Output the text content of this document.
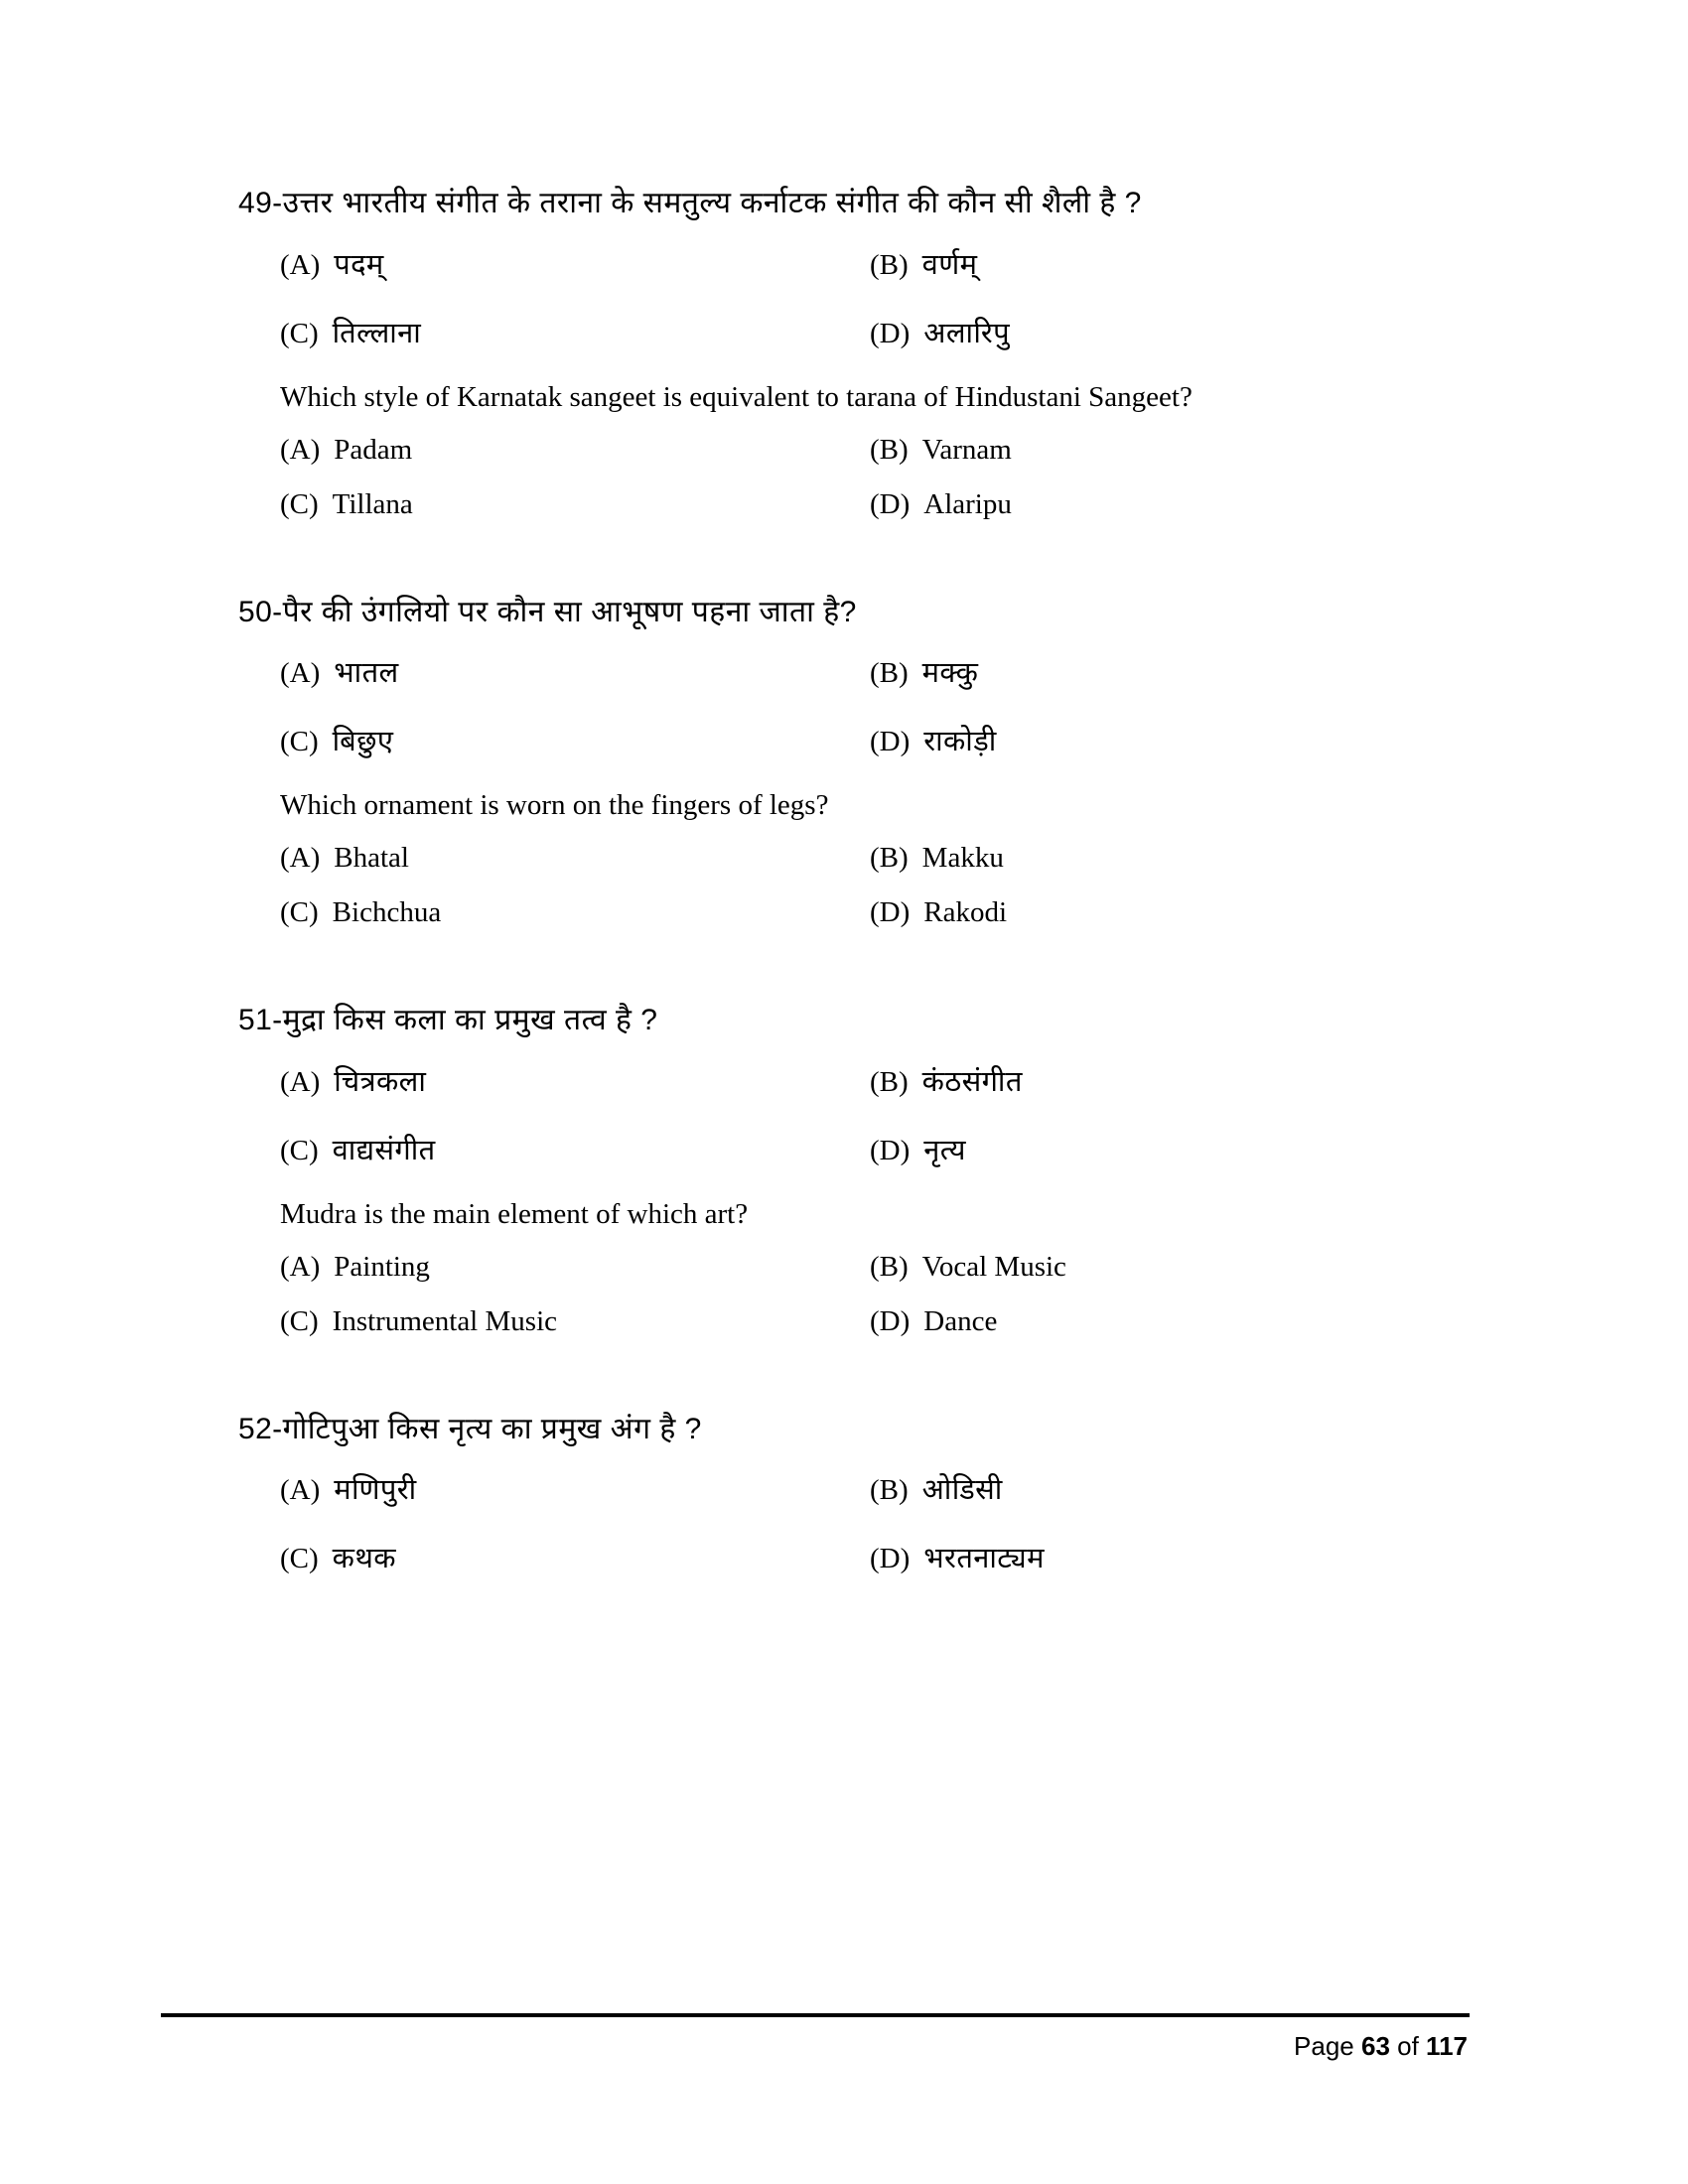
49- उत्तर भारतीय संगीत के तराना के समतुल्य कर्नाटक संगीत की कौन सी शैली है ?
(A) पदम्	(B) वर्णम्
(C) तिल्लाना	(D) अलारिपु
Which style of Karnatak sangeet is equivalent to tarana of Hindustani Sangeet?
(A) Padam	(B) Varnam
(C) Tillana	(D) Alaripu
50- पैर की उंगलियो पर कौन सा आभूषण पहना जाता है?
(A) भातल	(B) मक्कु
(C) बिछुए	(D) राकोड़ी
Which ornament is worn on the fingers of legs?
(A) Bhatal	(B) Makku
(C) Bichchua	(D) Rakodi
51- मुद्रा किस कला का प्रमुख तत्व है ?
(A) चित्रकला	(B) कंठसंगीत
(C) वाद्यसंगीत	(D) नृत्य
Mudra is the main element of which art?
(A) Painting	(B) Vocal Music
(C) Instrumental Music	(D) Dance
52- गोटिपुआ किस नृत्य का प्रमुख अंग है ?
(A) मणिपुरी	(B) ओडिसी
(C) कथक	(D) भरतनाट्यम
Page 63 of 117
